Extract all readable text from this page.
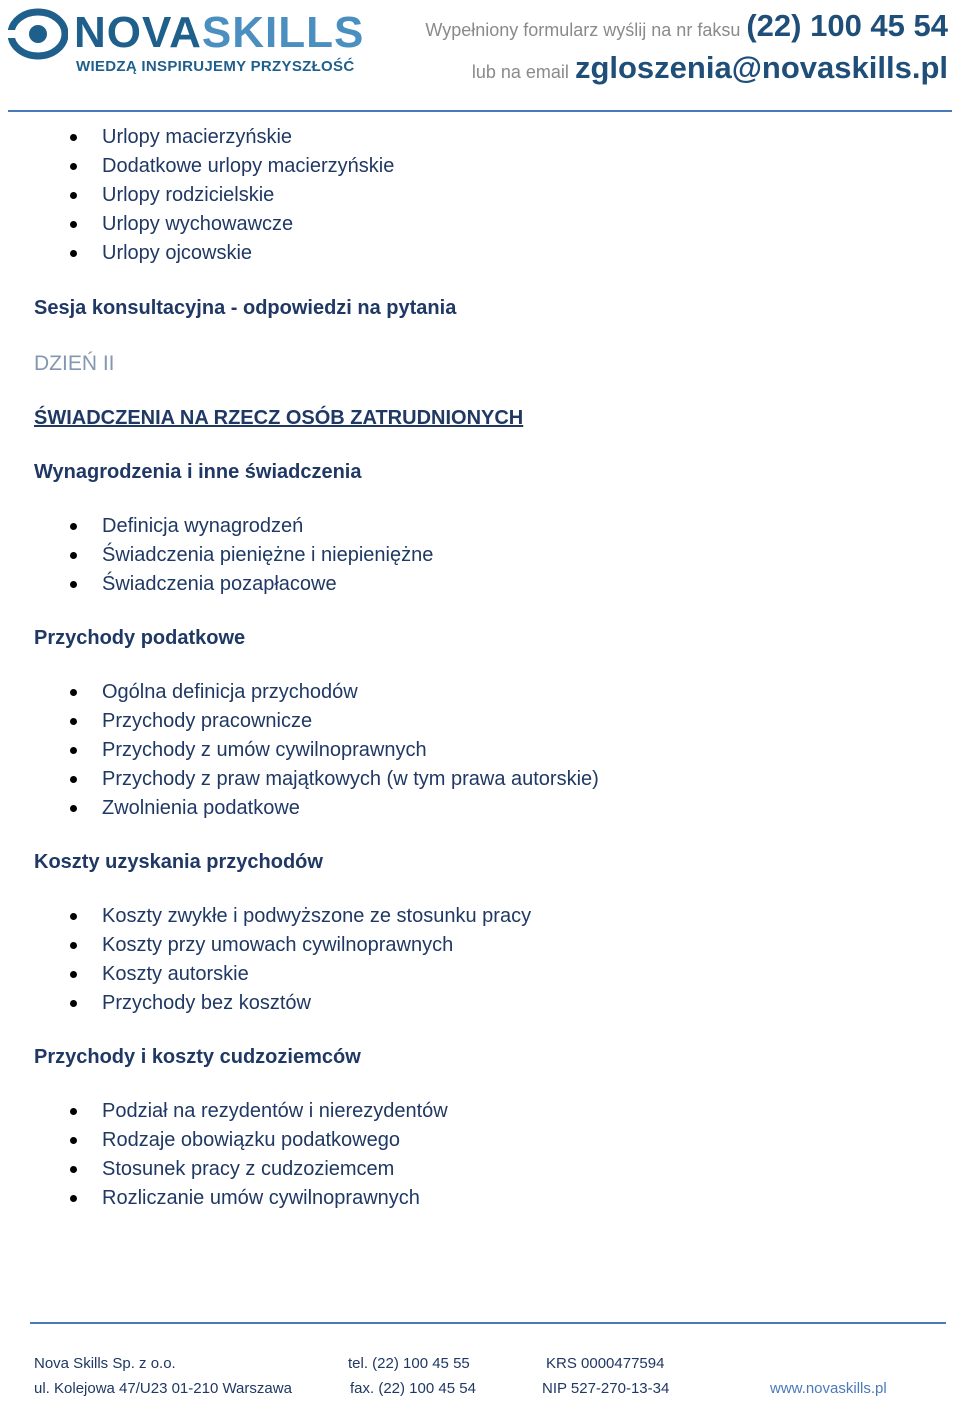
NOVASKILLS
WIEDZĄ INSPIRUJEMY PRZYSZŁOŚĆ
Wypełniony formularz wyślij na nr faksu (22) 100 45 54
lub na email zgloszenia@novaskills.pl
Urlopy macierzyńskie
Dodatkowe urlopy macierzyńskie
Urlopy rodzicielskie
Urlopy wychowawcze
Urlopy ojcowskie

Sesja konsultacyjna - odpowiedzi na pytania

DZIEŃ II

ŚWIADCZENIA NA RZECZ OSÓB ZATRUDNIONYCH

Wynagrodzenia i inne świadczenia

Definicja wynagrodzeń
Świadczenia pieniężne i niepieniężne
Świadczenia pozapłacowe

Przychody podatkowe

Ogólna definicja przychodów
Przychody pracownicze
Przychody z umów cywilnoprawnych
Przychody z praw majątkowych (w tym prawa autorskie)
Zwolnienia podatkowe

Koszty uzyskania przychodów

Koszty zwykłe i podwyższone ze stosunku pracy
Koszty przy umowach cywilnoprawnych
Koszty autorskie
Przychody bez kosztów

Przychody i koszty cudzoziemców

Podział na rezydentów i nierezydentów
Rodzaje obowiązku podatkowego
Stosunek pracy z cudzoziemcem
Rozliczanie umów cywilnoprawnych
Nova Skills Sp. z o.o.
ul. Kolejowa 47/U23 01-210 Warszawa
tel. (22) 100 45 55
fax. (22) 100 45 54
KRS 0000477594
NIP 527-270-13-34	www.novaskills.pl
